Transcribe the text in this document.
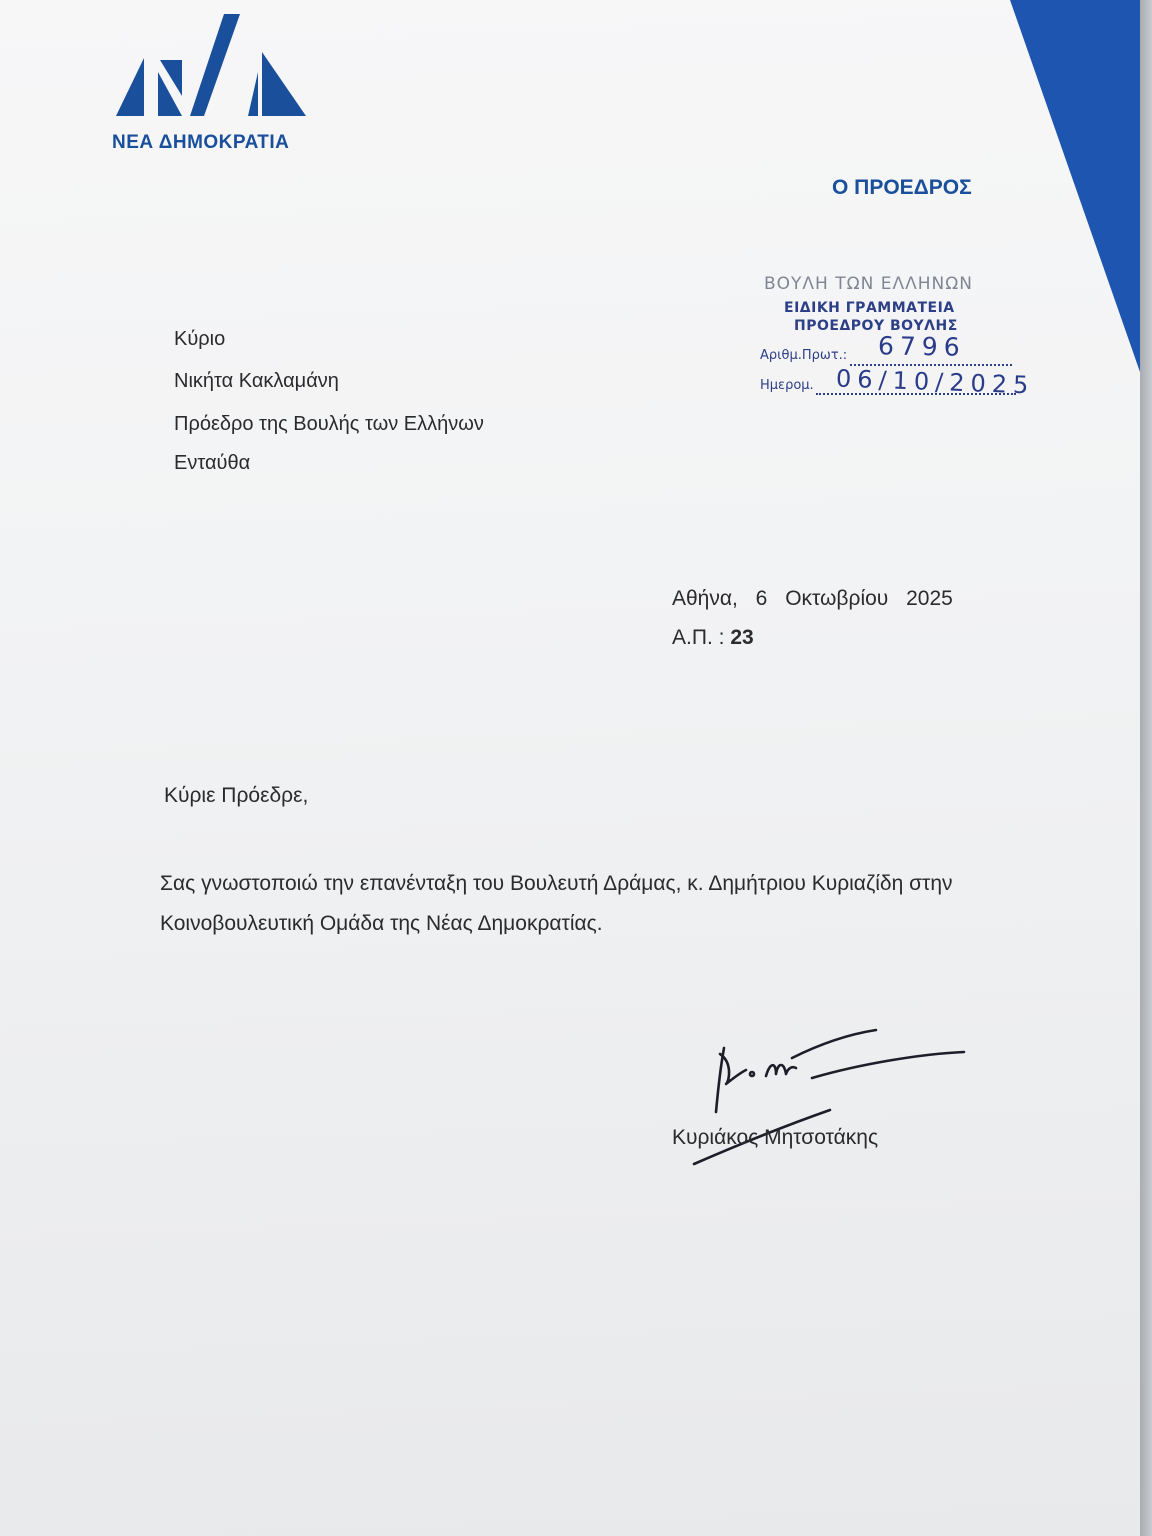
ΝΕΑ ΔΗΜΟΚΡΑΤΙΑ
Ο ΠΡΟΕΔΡΟΣ
ΒΟΥΛΗ ΤΩΝ ΕΛΛΗΝΩΝ
ΕΙΔΙΚΗ ΓΡΑΜΜΑΤΕΙΑ
ΠΡΟΕΔΡΟΥ ΒΟΥΛΗΣ
Αριθμ.Πρωτ.: 6796
Ημερομ. 06/10/2025
Κύριο
Νικήτα Κακλαμάνη
Πρόεδρο της Βουλής των Ελλήνων
Ενταύθα
Αθήνα, 6 Οκτωβρίου 2025
Α.Π. : 23
Κύριε Πρόεδρε,
Σας γνωστοποιώ την επανένταξη του Βουλευτή Δράμας, κ. Δημήτριου Κυριαζίδη στην Κοινοβουλευτική Ομάδα της Νέας Δημοκρατίας.
Κυριάκος Μητσοτάκης
